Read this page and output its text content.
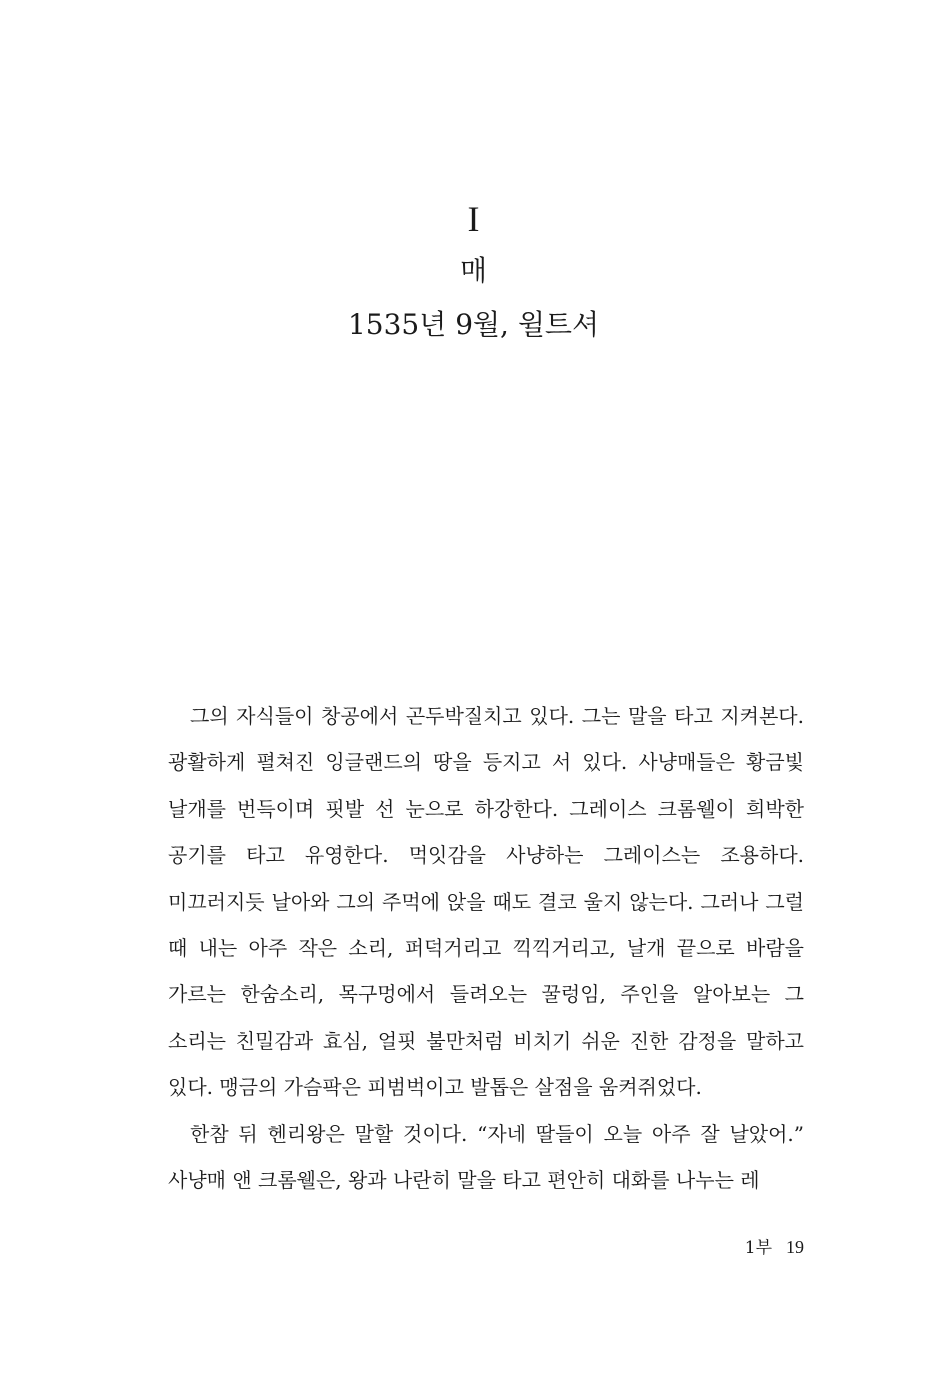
I
매
1535년 9월, 윌트셔

그의 자식들이 창공에서 곤두박질치고 있다. 그는 말을 타고 지켜본다. 광활하게 펼쳐진 잉글랜드의 땅을 등지고 서 있다. 사냥매들은 황금빛 날개를 번득이며 핏발 선 눈으로 하강한다. 그레이스 크롬웰이 희박한 공기를 타고 유영한다. 먹잇감을 사냥하는 그레이스는 조용하다. 미끄러지듯 날아와 그의 주먹에 앉을 때도 결코 울지 않는다. 그러나 그럴 때 내는 아주 작은 소리, 퍼덕거리고 끽끽거리고, 날개 끝으로 바람을 가르는 한숨소리, 목구멍에서 들려오는 꿀렁임, 주인을 알아보는 그 소리는 친밀감과 효심, 얼핏 불만처럼 비치기 쉬운 진한 감정을 말하고 있다. 맹금의 가슴팍은 피범벅이고 발톱은 살점을 움켜쥐었다.

한참 뒤 헨리왕은 말할 것이다. “자네 딸들이 오늘 아주 잘 날았어.” 사냥매 앤 크롬웰은, 왕과 나란히 말을 타고 편안히 대화를 나누는 레

1부 19
